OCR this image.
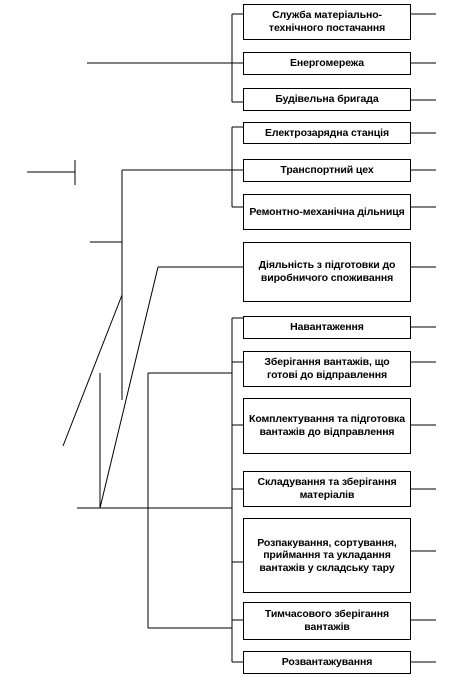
Служба матеріально-технічного постачання
Енергомережа
Будівельна бригада
Електрозарядна станція
Транспортний цех
Ремонтно-механічна дільниця
Діяльність з підготовки до виробничого споживання
Навантаження
Зберігання вантажів, що готові до відправлення
Комплектування та підготовка вантажів до відправлення
Складування та зберігання матеріалів
Розпакування, сортування, приймання та укладання вантажів у складську тару
Тимчасового зберігання вантажів
Розвантажування
